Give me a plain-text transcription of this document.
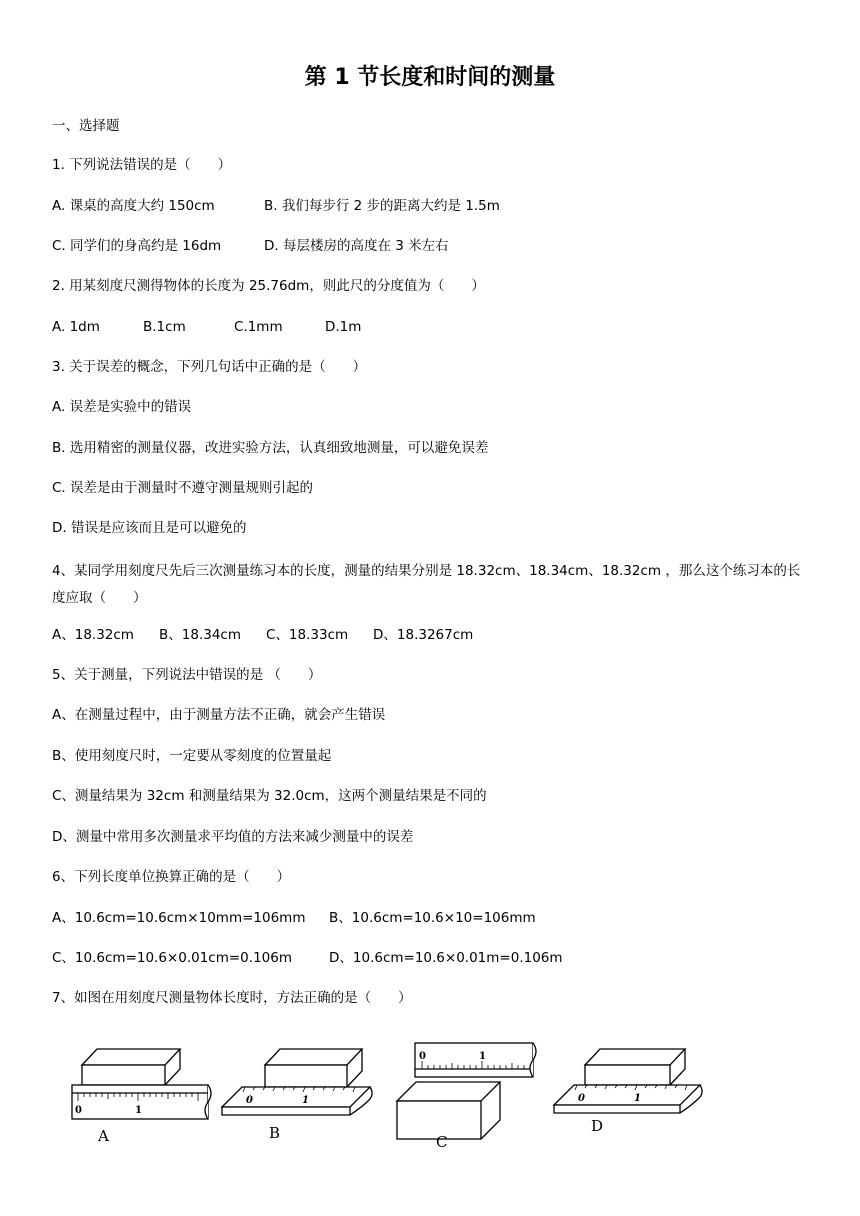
第 1 节长度和时间的测量
一、选择题
1. 下列说法错误的是（　　）
A. 课桌的高度大约 150cm	B. 我们每步行 2 步的距离大约是 1.5m
C. 同学们的身高约是 16dm	D. 每层楼房的高度在 3 米左右
2. 用某刻度尺测得物体的长度为 25.76dm，则此尺的分度值为（　　）
A. 1dm	B.1cm	C.1mm	D.1m
3. 关于误差的概念，下列几句话中正确的是（　　）
A. 误差是实验中的错误
B. 选用精密的测量仪器，改进实验方法，认真细致地测量，可以避免误差
C. 误差是由于测量时不遵守测量规则引起的
D. 错误是应该而且是可以避免的
4、某同学用刻度尺先后三次测量练习本的长度，测量的结果分别是 18.32cm、18.34cm、18.32cm ，那么这个练习本的长度应取（　　）
A、18.32cm B、18.34cm C、18.33cm D、18.3267cm
5、关于测量，下列说法中错误的是 （　　）
A、在测量过程中，由于测量方法不正确，就会产生错误
B、使用刻度尺时，一定要从零刻度的位置量起
C、测量结果为 32cm 和测量结果为 32.0cm，这两个测量结果是不同的
D、测量中常用多次测量求平均值的方法来减少测量中的误差
6、下列长度单位换算正确的是（　　）
A、10.6cm=10.6cm×10mm=106mm B、10.6cm=10.6×10=106mm
C、10.6cm=10.6×0.01cm=0.106m	D、10.6cm=10.6×0.01m=0.106m
7、如图在用刻度尺测量物体长度时，方法正确的是（　　）
0	1
0	1
0	1
0	1
A	B	C
D
